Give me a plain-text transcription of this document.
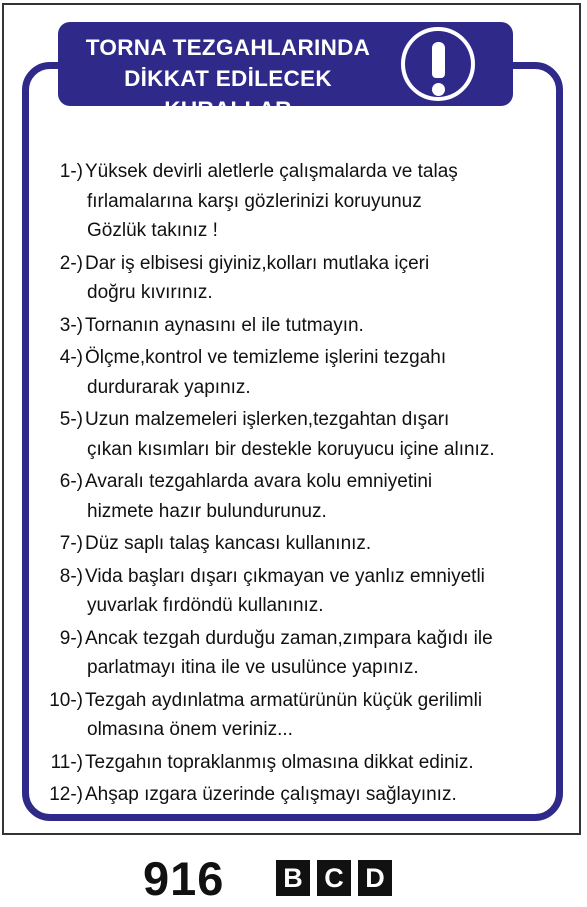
TORNA TEZGAHLARINDA
DİKKAT EDİLECEK KURALLAR
1-) Yüksek devirli aletlerle çalışmalarda ve talaş
fırlamalarına karşı gözlerinizi koruyunuz
Gözlük takınız !
2-) Dar iş elbisesi giyiniz,kolları mutlaka içeri
doğru kıvırınız.
3-) Tornanın aynasını el ile tutmayın.
4-) Ölçme,kontrol ve temizleme işlerini tezgahı
durdurarak yapınız.
5-) Uzun malzemeleri işlerken,tezgahtan dışarı
çıkan kısımları bir destekle koruyucu içine alınız.
6-) Avaralı tezgahlarda avara kolu emniyetini
hizmete hazır bulundurunuz.
7-) Düz saplı talaş kancası kullanınız.
8-) Vida başları dışarı çıkmayan ve yanlız emniyetli
yuvarlak fırdöndü kullanınız.
9-) Ancak tezgah durduğu zaman,zımpara kağıdı ile
parlatmayı itina ile ve usulünce yapınız.
10-) Tezgah aydınlatma armatürünün küçük gerilimli
olmasına önem veriniz...
11-) Tezgahın topraklanmış olmasına dikkat ediniz.
12-) Ahşap ızgara üzerinde çalışmayı sağlayınız.
916 B C D
